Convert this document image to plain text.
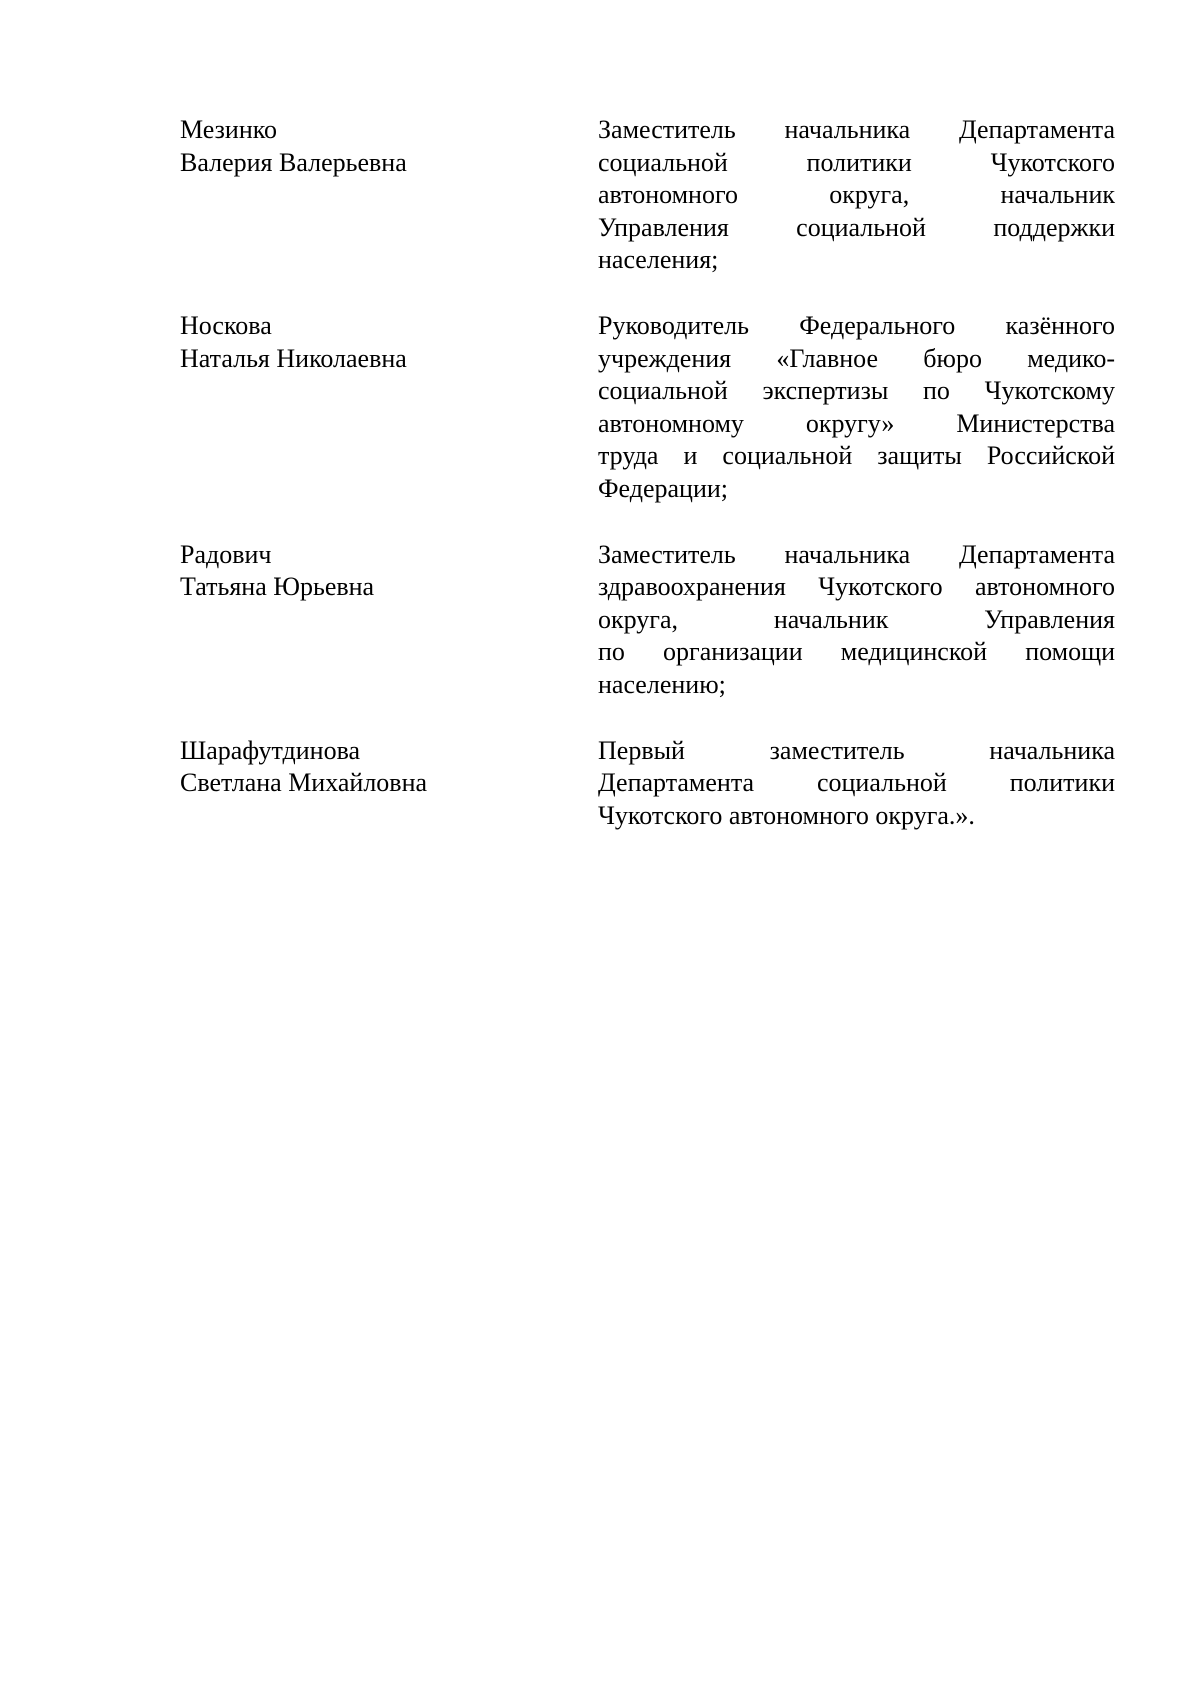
Мезинко
Валерия Валерьевна
Заместитель начальника Департамента
социальной политики Чукотского
автономного округа, начальник
Управления социальной поддержки
населения;
Носкова
Наталья Николаевна
Руководитель Федерального казённого
учреждения «Главное бюро медико-
социальной экспертизы по Чукотскому
автономному округу» Министерства
труда и социальной защиты Российской
Федерации;
Радович
Татьяна Юрьевна
Заместитель начальника Департамента
здравоохранения Чукотского автономного
округа, начальник Управления
по организации медицинской помощи
населению;
Шарафутдинова
Светлана Михайловна
Первый заместитель начальника
Департамента социальной политики
Чукотского автономного округа.».
